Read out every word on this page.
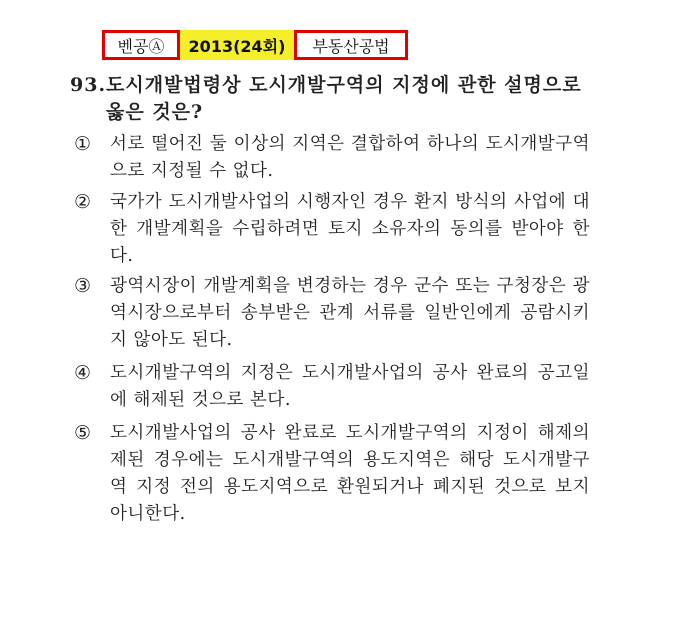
벤공Ⓐ	2013(24회)	부동산공법
93. 도시개발법령상 도시개발구역의 지정에 관한 설명으로 옳은 것은?
① 서로 떨어진 둘 이상의 지역은 결합하여 하나의 도시개발구역으로 지정될 수 없다.
② 국가가 도시개발사업의 시행자인 경우 환지 방식의 사업에 대한 개발계획을 수립하려면 토지 소유자의 동의를 받아야 한다.
③ 광역시장이 개발계획을 변경하는 경우 군수 또는 구청장은 광역시장으로부터 송부받은 관계 서류를 일반인에게 공람시키지 않아도 된다.
④ 도시개발구역의 지정은 도시개발사업의 공사 완료의 공고일에 해제된 것으로 본다.
⑤ 도시개발사업의 공사 완료로 도시개발구역의 지정이 해제의제된 경우에는 도시개발구역의 용도지역은 해당 도시개발구역 지정 전의 용도지역으로 환원되거나 폐지된 것으로 보지 아니한다.
